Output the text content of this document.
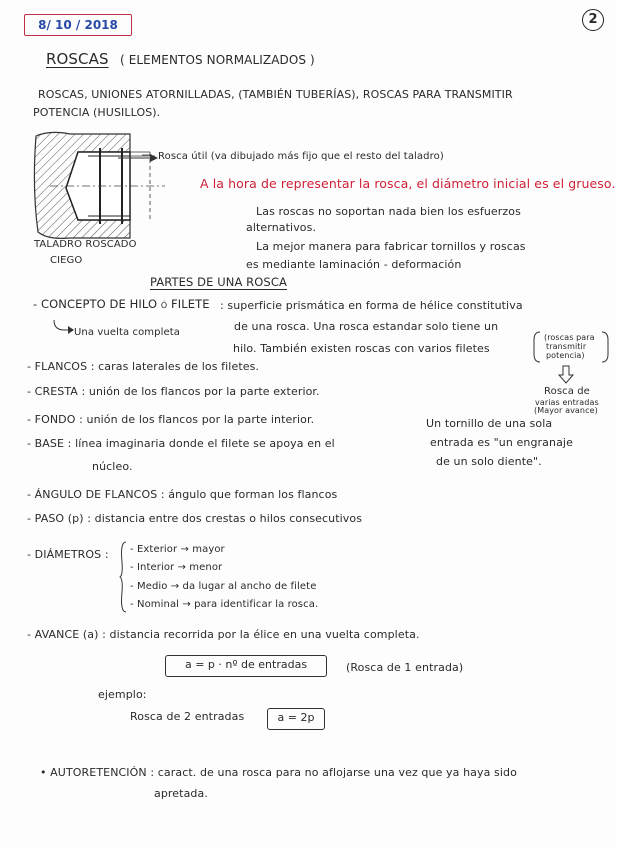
8/ 10 / 2018	2
ROSCAS ( ELEMENTOS NORMALIZADOS )
ROSCAS, UNIONES ATORNILLADAS, (TAMBIÉN TUBERÍAS), ROSCAS PARA TRANSMITIR
POTENCIA (HUSILLOS).
Rosca útil (va dibujado más fijo que el resto del taladro)
TALADRO ROSCADO
CIEGO
A la hora de representar la rosca, el diámetro inicial es el grueso.
Las roscas no soportan nada bien los esfuerzos
alternativos.
La mejor manera para fabricar tornillos y roscas
es mediante laminación - deformación
PARTES DE UNA ROSCA
- CONCEPTO DE HILO ó FILETE : superficie prismática en forma de hélice constitutiva
de una rosca. Una rosca estandar solo tiene un
hilo. También existen roscas con varios filetes
Una vuelta completa	(roscas para
transmitir
potencia)
Rosca de
varias entradas
(Mayor avance)
- FLANCOS : caras laterales de los filetes.
- CRESTA : unión de los flancos por la parte exterior.
- FONDO : unión de los flancos por la parte interior.
- BASE : línea imaginaria donde el filete se apoya en el
núcleo.
Un tornillo de una sola
entrada es "un engranaje
de un solo diente".
- ÁNGULO DE FLANCOS : ángulo que forman los flancos
- PASO (p) : distancia entre dos crestas o hilos consecutivos
- DIÁMETROS : - Exterior → mayor
- Interior → menor
- Medio → da lugar al ancho de filete
- Nominal → para identificar la rosca.
- AVANCE (a) : distancia recorrida por la élice en una vuelta completa.
a = p · nº de entradas	(Rosca de 1 entrada)
ejemplo:
Rosca de 2 entradas	a = 2p
• AUTORETENCIÓN : caract. de una rosca para no aflojarse una vez que ya haya sido
apretada.
